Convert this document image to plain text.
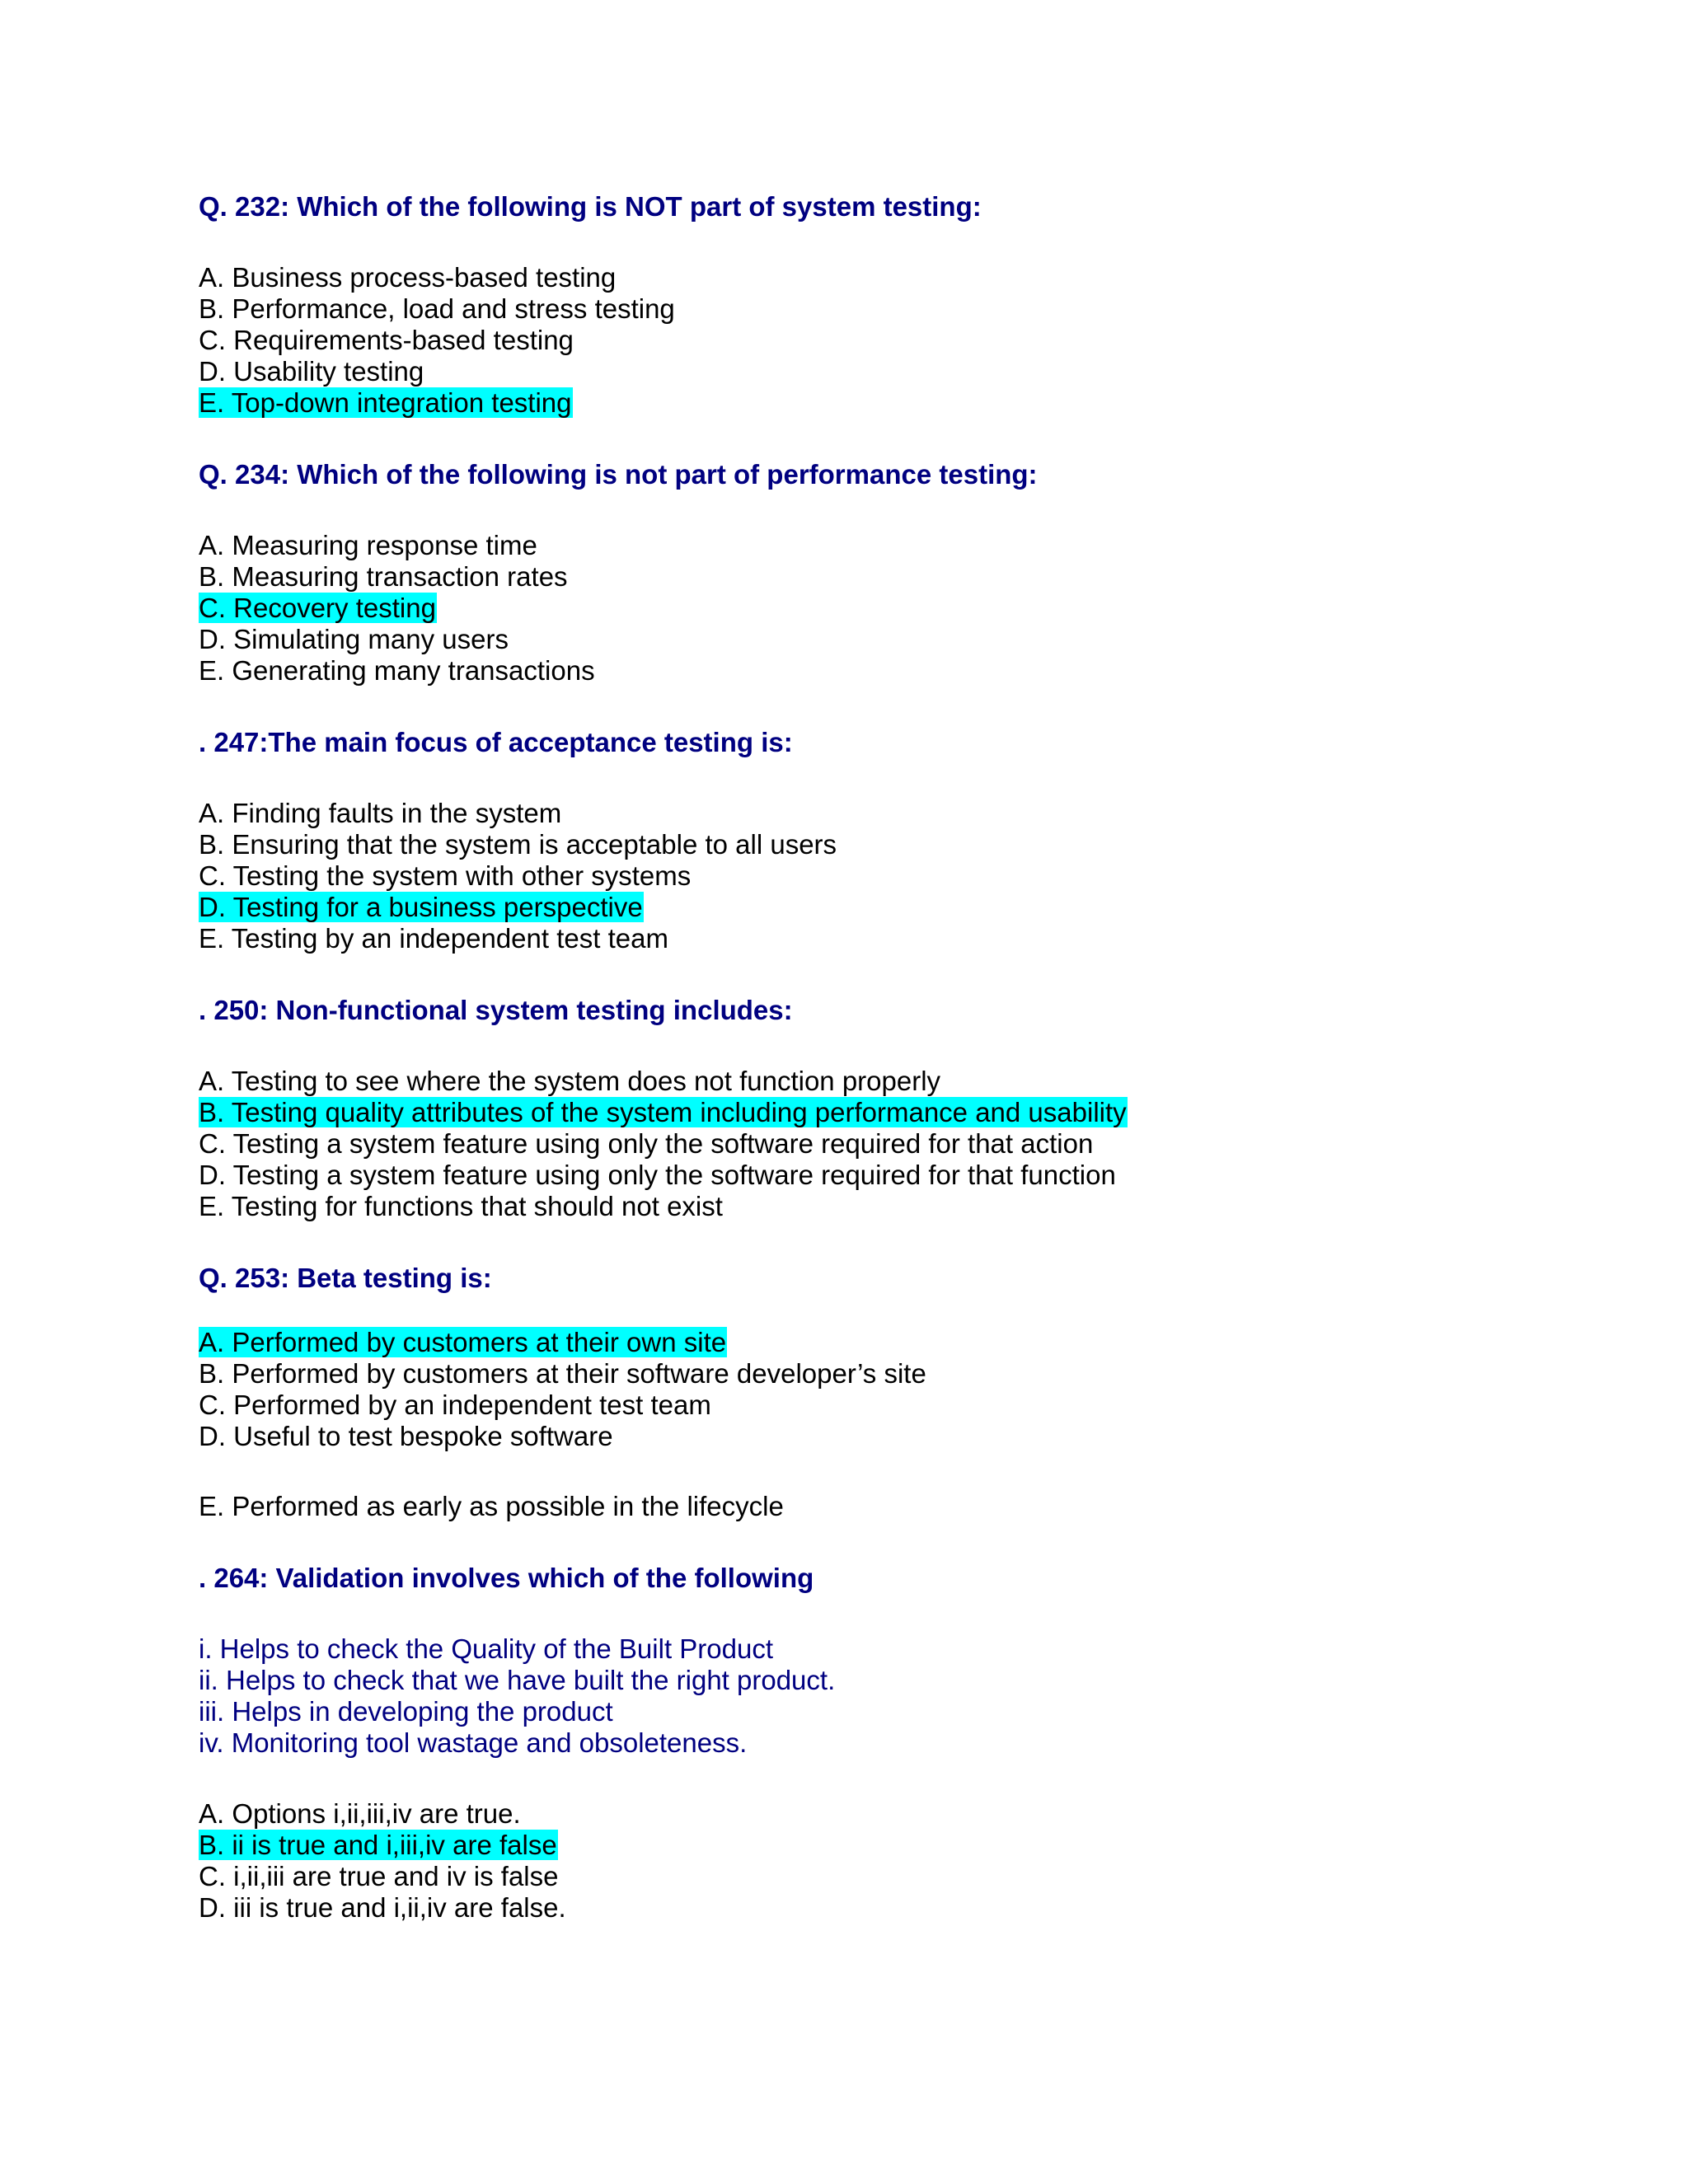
Q. 232: Which of the following is NOT part of system testing:
A. Business process-based testing
B. Performance, load and stress testing
C. Requirements-based testing
D. Usability testing
E. Top-down integration testing
Q. 234: Which of the following is not part of performance testing:
A. Measuring response time
B. Measuring transaction rates
C. Recovery testing
D. Simulating many users
E. Generating many transactions
. 247:The main focus of acceptance testing is:
A. Finding faults in the system
B. Ensuring that the system is acceptable to all users
C. Testing the system with other systems
D. Testing for a business perspective
E. Testing by an independent test team
. 250: Non-functional system testing includes:
A. Testing to see where the system does not function properly
B. Testing quality attributes of the system including performance and usability
C. Testing a system feature using only the software required for that action
D. Testing a system feature using only the software required for that function
E. Testing for functions that should not exist
Q. 253: Beta testing is:
A. Performed by customers at their own site
B. Performed by customers at their software developer’s site
C. Performed by an independent test team
D. Useful to test bespoke software
E. Performed as early as possible in the lifecycle
. 264: Validation involves which of the following
i. Helps to check the Quality of the Built Product
ii. Helps to check that we have built the right product.
iii. Helps in developing the product
iv. Monitoring tool wastage and obsoleteness.
A. Options i,ii,iii,iv are true.
B. ii is true and i,iii,iv are false
C. i,ii,iii are true and iv is false
D. iii is true and i,ii,iv are false.
